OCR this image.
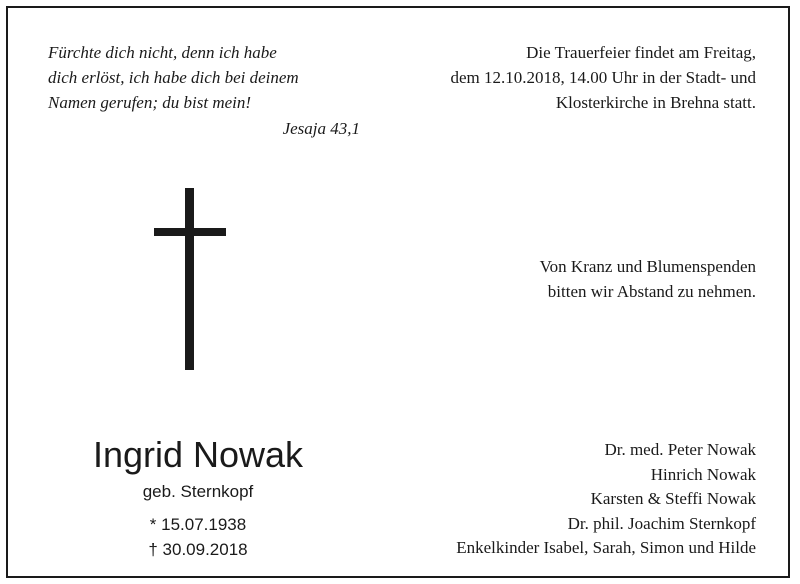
Fürchte dich nicht, denn ich habe
dich erlöst, ich habe dich bei deinem
Namen gerufen; du bist mein!
Jesaja 43,1
Die Trauerfeier findet am Freitag,
dem 12.10.2018, 14.00 Uhr in der Stadt- und
Klosterkirche in Brehna statt.
Von Kranz und Blumenspenden
bitten wir Abstand zu nehmen.
Ingrid Nowak
geb. Sternkopf
* 15.07.1938
† 30.09.2018
Dr. med. Peter Nowak
Hinrich Nowak
Karsten & Steffi Nowak
Dr. phil. Joachim Sternkopf
Enkelkinder Isabel, Sarah, Simon und Hilde
